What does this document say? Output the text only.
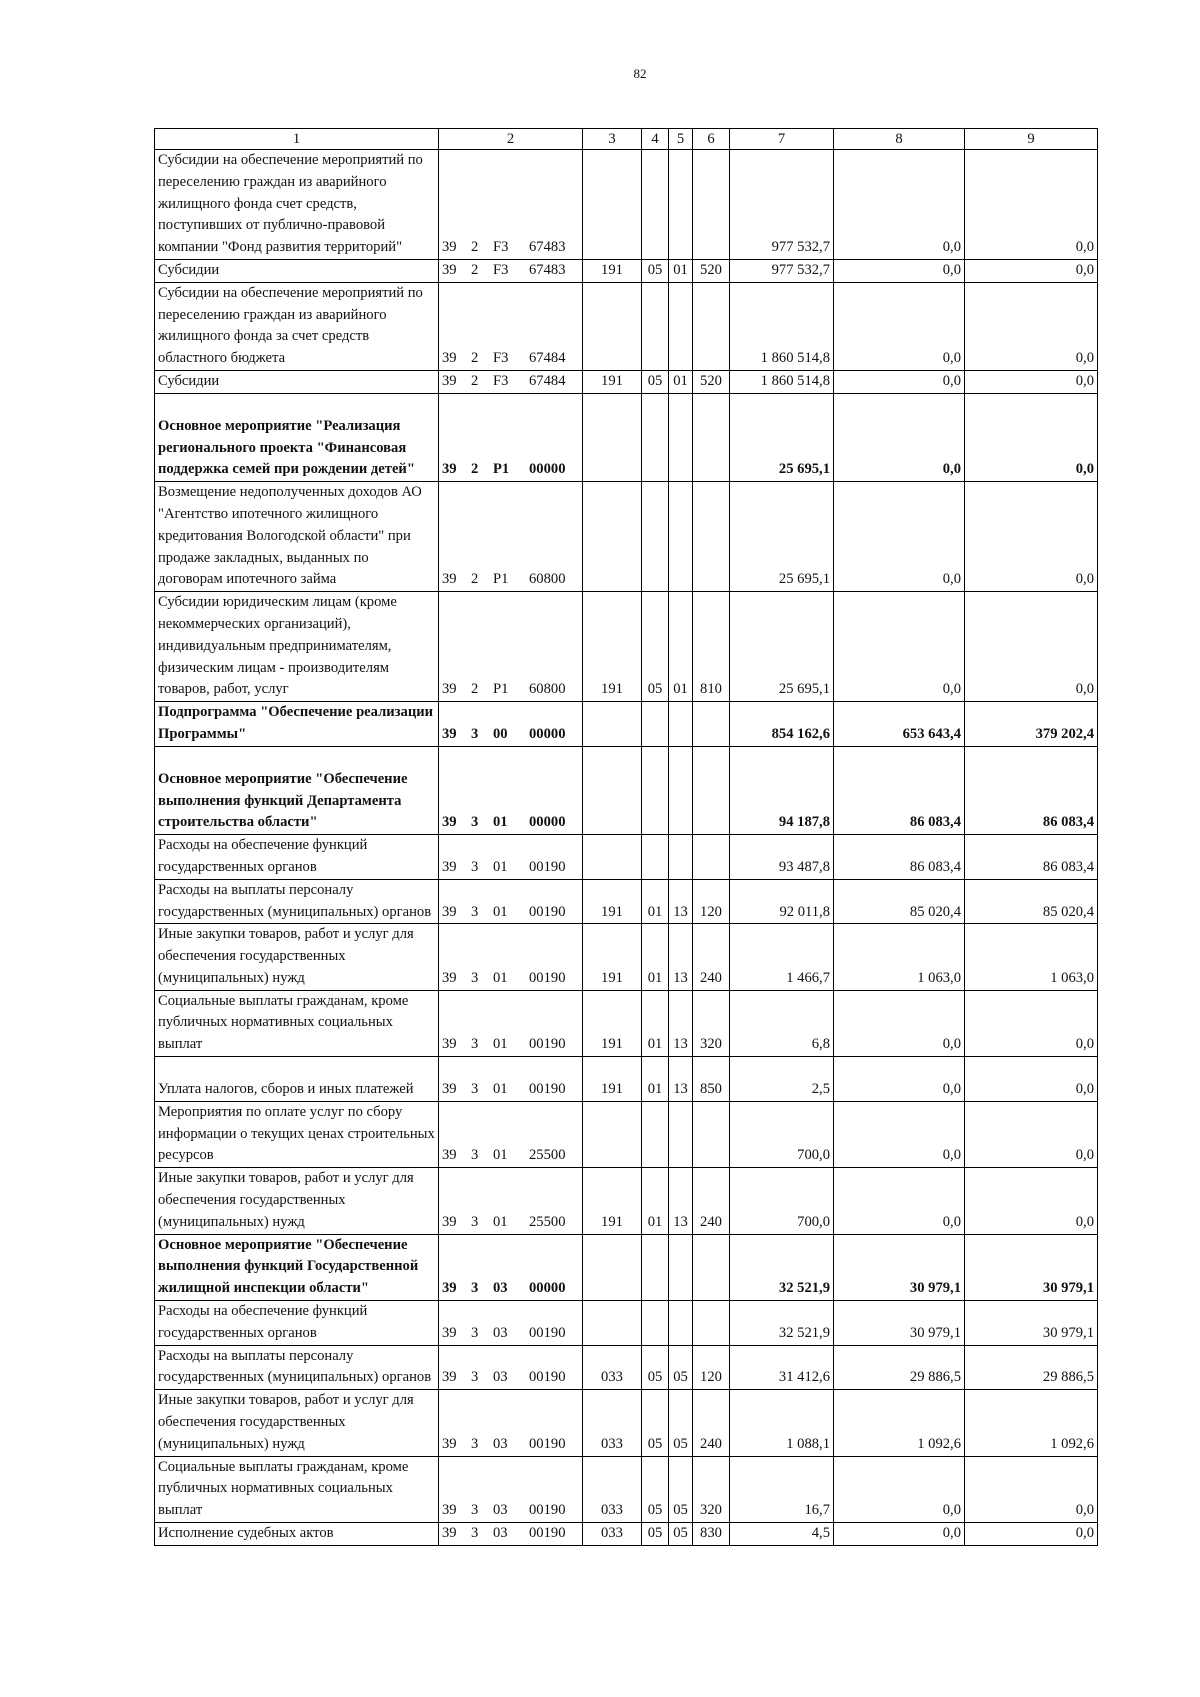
82
1	2	3	4	5	6	7	8	9
Субсидии на обеспечение мероприятий по переселению граждан из аварийного жилищного фонда счет средств, поступивших от публично-правовой компании "Фонд развития территорий"	39 2 F3 67483					977 532,7	0,0	0,0
Субсидии	39 2 F3 67483	191	05	01	520	977 532,7	0,0	0,0
Субсидии на обеспечение мероприятий по переселению граждан из аварийного жилищного фонда за счет средств областного бюджета	39 2 F3 67484					1 860 514,8	0,0	0,0
Субсидии	39 2 F3 67484	191	05	01	520	1 860 514,8	0,0	0,0
Основное мероприятие "Реализация регионального проекта "Финансовая поддержка семей при рождении детей"	39 2 P1 00000					25 695,1	0,0	0,0
Возмещение недополученных доходов АО "Агентство ипотечного жилищного кредитования Вологодской области" при продаже закладных, выданных по договорам ипотечного займа	39 2 P1 60800					25 695,1	0,0	0,0
Субсидии юридическим лицам (кроме некоммерческих организаций), индивидуальным предпринимателям, физическим лицам - производителям товаров, работ, услуг	39 2 P1 60800	191	05	01	810	25 695,1	0,0	0,0
Подпрограмма "Обеспечение реализации Программы"	39 3 00 00000					854 162,6	653 643,4	379 202,4
Основное мероприятие "Обеспечение выполнения функций Департамента строительства области"	39 3 01 00000					94 187,8	86 083,4	86 083,4
Расходы на обеспечение функций государственных органов	39 3 01 00190					93 487,8	86 083,4	86 083,4
Расходы на выплаты персоналу государственных (муниципальных) органов	39 3 01 00190	191	01	13	120	92 011,8	85 020,4	85 020,4
Иные закупки товаров, работ и услуг для обеспечения государственных (муниципальных) нужд	39 3 01 00190	191	01	13	240	1 466,7	1 063,0	1 063,0
Социальные выплаты гражданам, кроме публичных нормативных социальных выплат	39 3 01 00190	191	01	13	320	6,8	0,0	0,0
Уплата налогов, сборов и иных платежей	39 3 01 00190	191	01	13	850	2,5	0,0	0,0
Мероприятия по оплате услуг по сбору информации о текущих ценах строительных ресурсов	39 3 01 25500					700,0	0,0	0,0
Иные закупки товаров, работ и услуг для обеспечения государственных (муниципальных) нужд	39 3 01 25500	191	01	13	240	700,0	0,0	0,0
Основное мероприятие "Обеспечение выполнения функций Государственной жилищной инспекции области"	39 3 03 00000					32 521,9	30 979,1	30 979,1
Расходы на обеспечение функций государственных органов	39 3 03 00190					32 521,9	30 979,1	30 979,1
Расходы на выплаты персоналу государственных (муниципальных) органов	39 3 03 00190	033	05	05	120	31 412,6	29 886,5	29 886,5
Иные закупки товаров, работ и услуг для обеспечения государственных (муниципальных) нужд	39 3 03 00190	033	05	05	240	1 088,1	1 092,6	1 092,6
Социальные выплаты гражданам, кроме публичных нормативных социальных выплат	39 3 03 00190	033	05	05	320	16,7	0,0	0,0
Исполнение судебных актов	39 3 03 00190	033	05	05	830	4,5	0,0	0,0
